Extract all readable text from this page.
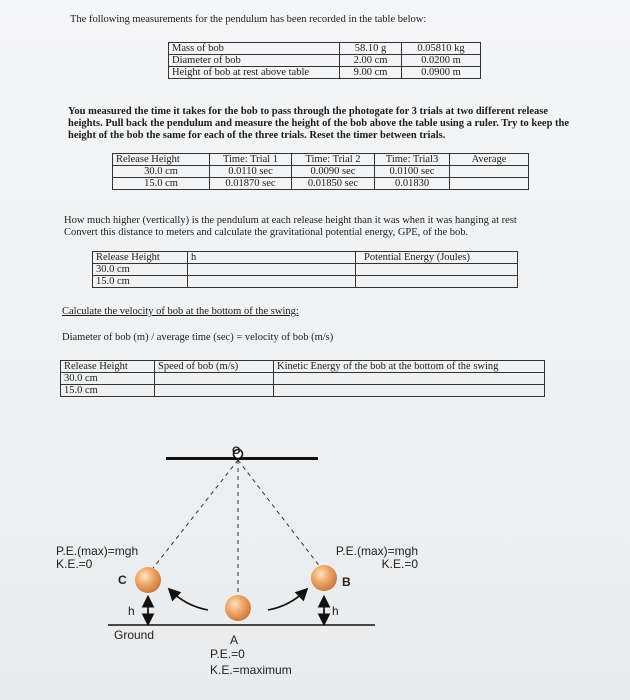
The following measurements for the pendulum has been recorded in the table below:
Mass of bob	58.10 g	0.05810 kg
Diameter of bob	2.00 cm	0.0200 m
Height of bob at rest above table	9.00 cm	0.0900 m
You measured the time it takes for the bob to pass through the photogate for 3 trials at two different release
heights. Pull back the pendulum and measure the height of the bob above the table using a ruler. Try to keep the
height of the bob the same for each of the three trials. Reset the timer between trials.
Release Height	Time: Trial 1	Time: Trial 2	Time: Trial3	Average
30.0 cm	0.0110 sec	0.0090 sec	0.0100 sec	
15.0 cm	0.01870 sec	0.01850 sec	0.01830	
How much higher (vertically) is the pendulum at each release height than it was when it was hanging at rest
Convert this distance to meters and calculate the gravitational potential energy, GPE, of the bob.
Release Height	h	Potential Energy (Joules)
30.0 cm		
15.0 cm		
Calculate the velocity of bob at the bottom of the swing:
Diameter of bob (m) / average time (sec) = velocity of bob (m/s)
Release Height	Speed of bob (m/s)	Kinetic Energy of the bob at the bottom of the swing
30.0 cm		
15.0 cm		
O
P.E.(max)=mgh
K.E.=0
P.E.(max)=mgh
K.E.=0
C	B
h	h
Ground	A
P.E.=0
K.E.=maximum
